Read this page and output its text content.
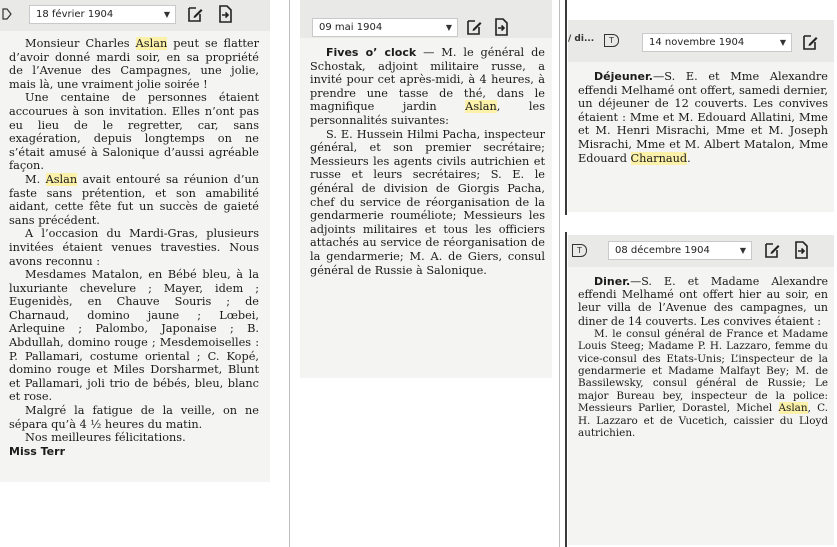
18 février 1904	▼

Monsieur Charles Aslan peut se flatter d’avoir donné mardi soir, en sa propriété de l’Avenue des Campagnes, une jolie, mais là, une vraiment jolie soirée !

Une centaine de personnes étaient accourues à son invitation. Elles n’ont pas eu lieu de le regretter, car, sans exagération, depuis longtemps on ne s’était amusé à Salonique d’aussi agréable façon.

M. Aslan avait entouré sa réunion d’un faste sans prétention, et son amabilité aidant, cette fête fut un succès de gaieté sans précédent.

A l’occasion du Mardi-Gras, plusieurs invitées étaient venues travesties. Nous avons reconnu :

Mesdames Matalon, en Bébé bleu, à la luxuriante chevelure ; Mayer, idem ; Eugenidès, en Chauve Souris ; de Charnaud, domino jaune ; Lœbei, Arlequine ; Palombo, Japonaise ; B. Abdullah, domino rouge ; Mesdemoiselles : P. Pallamari, costume oriental ; C. Kopé, domino rouge et Miles Dorsharmet, Blunt et Pallamari, joli trio de bébés, bleu, blanc et rose.

Malgré la fatigue de la veille, on ne sépara qu’à 4 ½ heures du matin.

Nos meilleures félicitations.

Miss Terr

09 mai 1904	▼

Fives o’ clock — M. le général de Schostak, adjoint militaire russe, a invité pour cet après-midi, à 4 heures, à prendre une tasse de thé, dans le magnifique jardin Aslan, les personnalités suivantes:

S. E. Hussein Hilmi Pacha, inspecteur général, et son premier secrétaire; Messieurs les agents civils autrichien et russe et leurs secrétaires; S. E. le général de division de Giorgis Pacha, chef du service de réorganisation de la gendarmerie rouméliote; Messieurs les adjoints militaires et tous les officiers attachés au service de réorganisation de la gendarmerie; M. A. de Giers, consul général de Russie à Salonique.

/ di...	T	14 novembre 1904	▼

Déjeuner.—S. E. et Mme Alexandre effendi Melhamé ont offert, samedi dernier, un déjeuner de 12 couverts. Les convives étaient : Mme et M. Edouard Allatini, Mme et M. Henri Misrachi, Mme et M. Joseph Misrachi, Mme et M. Albert Matalon, Mme Edouard Charnaud.

T	08 décembre 1904	▼

Diner.—S. E. et Madame Alexandre effendi Melhamé ont offert hier au soir, en leur villa de l’Avenue des campagnes, un diner de 14 couverts. Les convives étaient :

M. le consul général de France et Madame Louis Steeg; Madame P. H. Lazzaro, femme du vice-consul des Etats-Unis; L’inspecteur de la gendarmerie et Madame Malfayt Bey; M. de Bassilewsky, consul général de Russie; Le major Bureau bey, inspecteur de la police: Messieurs Parlier, Dorastel, Michel Aslan, C. H. Lazzaro et de Vucetich, caissier du Lloyd autrichien.
